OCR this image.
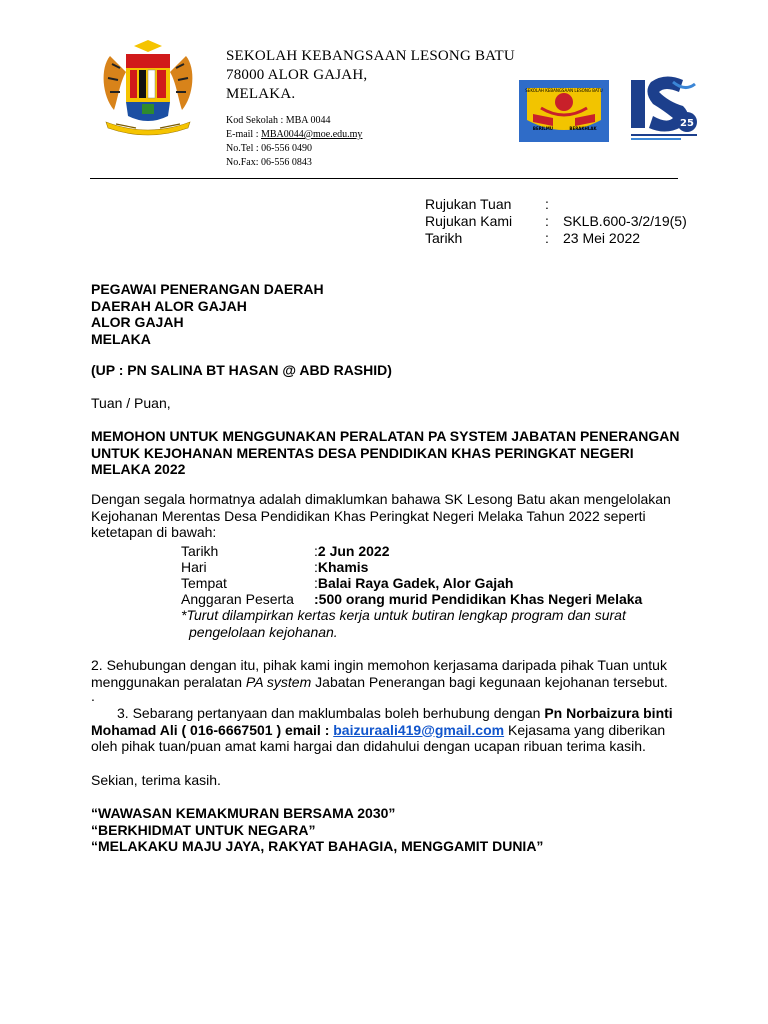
SEKOLAH KEBANGSAAN LESONG BATU
78000 ALOR GAJAH,
MELAKA.
Kod Sekolah : MBA 0044
E-mail : MBA0044@moe.edu.my
No.Tel : 06-556 0490
No.Fax: 06-556 0843
SEKOLAH KEBANGSAAN LESONG BATU
BERILMU	BERAKHLAK	25
Rujukan Tuan	:
Rujukan Kami	:	SKLB.600-3/2/19(5)
Tarikh	:	23 Mei 2022
PEGAWAI PENERANGAN DAERAH
DAERAH ALOR GAJAH
ALOR GAJAH
MELAKA
(UP : PN SALINA BT HASAN @ ABD RASHID)
Tuan / Puan,
MEMOHON UNTUK MENGGUNAKAN PERALATAN PA SYSTEM JABATAN PENERANGAN UNTUK KEJOHANAN MERENTAS DESA PENDIDIKAN KHAS PERINGKAT NEGERI MELAKA 2022
Dengan segala hormatnya adalah dimaklumkan bahawa SK Lesong Batu akan mengelolakan Kejohanan Merentas Desa Pendidikan Khas Peringkat Negeri Melaka Tahun 2022 seperti ketetapan di bawah:
Tarikh	: 2 Jun 2022
Hari	: Khamis
Tempat	: Balai Raya Gadek, Alor Gajah
Anggaran Peserta	: 500 orang murid Pendidikan Khas Negeri Melaka
*Turut dilampirkan kertas kerja untuk butiran lengkap program dan surat
pengelolaan kejohanan.
2. Sehubungan dengan itu, pihak kami ingin memohon kerjasama daripada pihak Tuan untuk menggunakan peralatan PA system Jabatan Penerangan bagi kegunaan kejohanan tersebut.
.
3. Sebarang pertanyaan dan maklumbalas boleh berhubung dengan Pn Norbaizura binti Mohamad Ali ( 016-6667501 ) email : baizuraali419@gmail.com Kejasama yang diberikan oleh pihak tuan/puan amat kami hargai dan didahului dengan ucapan ribuan terima kasih.
Sekian, terima kasih.
“WAWASAN KEMAKMURAN BERSAMA 2030”
“BERKHIDMAT UNTUK NEGARA”
“MELAKAKU MAJU JAYA, RAKYAT BAHAGIA, MENGGAMIT DUNIA”
